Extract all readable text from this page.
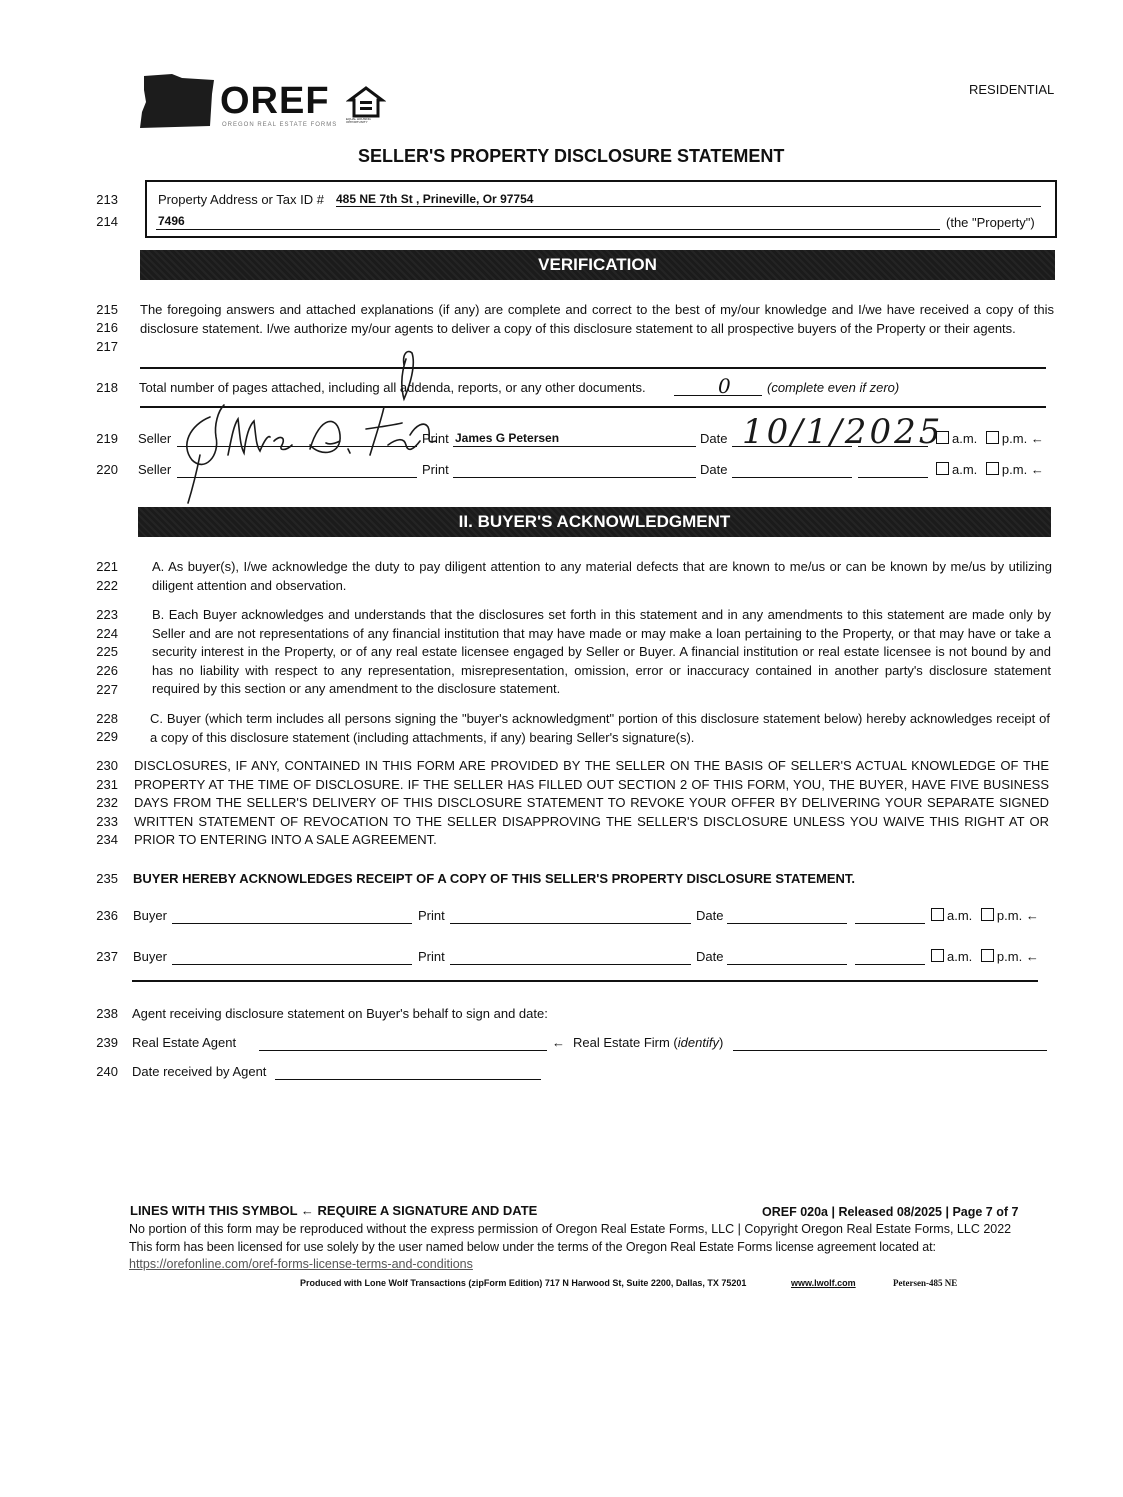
OREF
OREGON REAL ESTATE FORMS
EQUAL HOUSING OPPORTUNITY
RESIDENTIAL
SELLER'S PROPERTY DISCLOSURE STATEMENT
213
214
Property Address or Tax ID # 485 NE 7th St , Prineville, Or 97754
7496	(the "Property")
VERIFICATION
215
216
217
The foregoing answers and attached explanations (if any) are complete and correct to the best of my/our knowledge and I/we have received a copy of this disclosure statement. I/we authorize my/our agents to deliver a copy of this disclosure statement to all prospective buyers of the Property or their agents.
218 Total number of pages attached, including all addenda, reports, or any other documents.	0	(complete even if zero)
219 Seller	Print James G Petersen	Date 10/1/2025 a.m. p.m. ←
220 Seller	Print	Date	a.m. p.m. ←
II. BUYER'S ACKNOWLEDGMENT
221
222
A. As buyer(s), I/we acknowledge the duty to pay diligent attention to any material defects that are known to me/us or can be known by me/us by utilizing diligent attention and observation.
223
224
225
226
227
B. Each Buyer acknowledges and understands that the disclosures set forth in this statement and in any amendments to this statement are made only by Seller and are not representations of any financial institution that may have made or may make a loan pertaining to the Property, or that may have or take a security interest in the Property, or of any real estate licensee engaged by Seller or Buyer. A financial institution or real estate licensee is not bound by and has no liability with respect to any representation, misrepresentation, omission, error or inaccuracy contained in another party's disclosure statement required by this section or any amendment to the disclosure statement.
228
229
C. Buyer (which term includes all persons signing the "buyer's acknowledgment" portion of this disclosure statement below) hereby acknowledges receipt of a copy of this disclosure statement (including attachments, if any) bearing Seller's signature(s).
230
231
232
233
234
DISCLOSURES, IF ANY, CONTAINED IN THIS FORM ARE PROVIDED BY THE SELLER ON THE BASIS OF SELLER'S ACTUAL KNOWLEDGE OF THE PROPERTY AT THE TIME OF DISCLOSURE. IF THE SELLER HAS FILLED OUT SECTION 2 OF THIS FORM, YOU, THE BUYER, HAVE FIVE BUSINESS DAYS FROM THE SELLER'S DELIVERY OF THIS DISCLOSURE STATEMENT TO REVOKE YOUR OFFER BY DELIVERING YOUR SEPARATE SIGNED WRITTEN STATEMENT OF REVOCATION TO THE SELLER DISAPPROVING THE SELLER'S DISCLOSURE UNLESS YOU WAIVE THIS RIGHT AT OR PRIOR TO ENTERING INTO A SALE AGREEMENT.
235 BUYER HEREBY ACKNOWLEDGES RECEIPT OF A COPY OF THIS SELLER'S PROPERTY DISCLOSURE STATEMENT.
236 Buyer	Print	Date	a.m. p.m. ←
237 Buyer	Print	Date	a.m. p.m. ←
238 Agent receiving disclosure statement on Buyer's behalf to sign and date:
239 Real Estate Agent	← Real Estate Firm (identify)
240 Date received by Agent
LINES WITH THIS SYMBOL ← REQUIRE A SIGNATURE AND DATE	OREF 020a | Released 08/2025 | Page 7 of 7
No portion of this form may be reproduced without the express permission of Oregon Real Estate Forms, LLC | Copyright Oregon Real Estate Forms, LLC 2022
This form has been licensed for use solely by the user named below under the terms of the Oregon Real Estate Forms license agreement located at:
https://orefonline.com/oref-forms-license-terms-and-conditions
Produced with Lone Wolf Transactions (zipForm Edition) 717 N Harwood St, Suite 2200, Dallas, TX 75201	www.lwolf.com	Petersen-485 NE
